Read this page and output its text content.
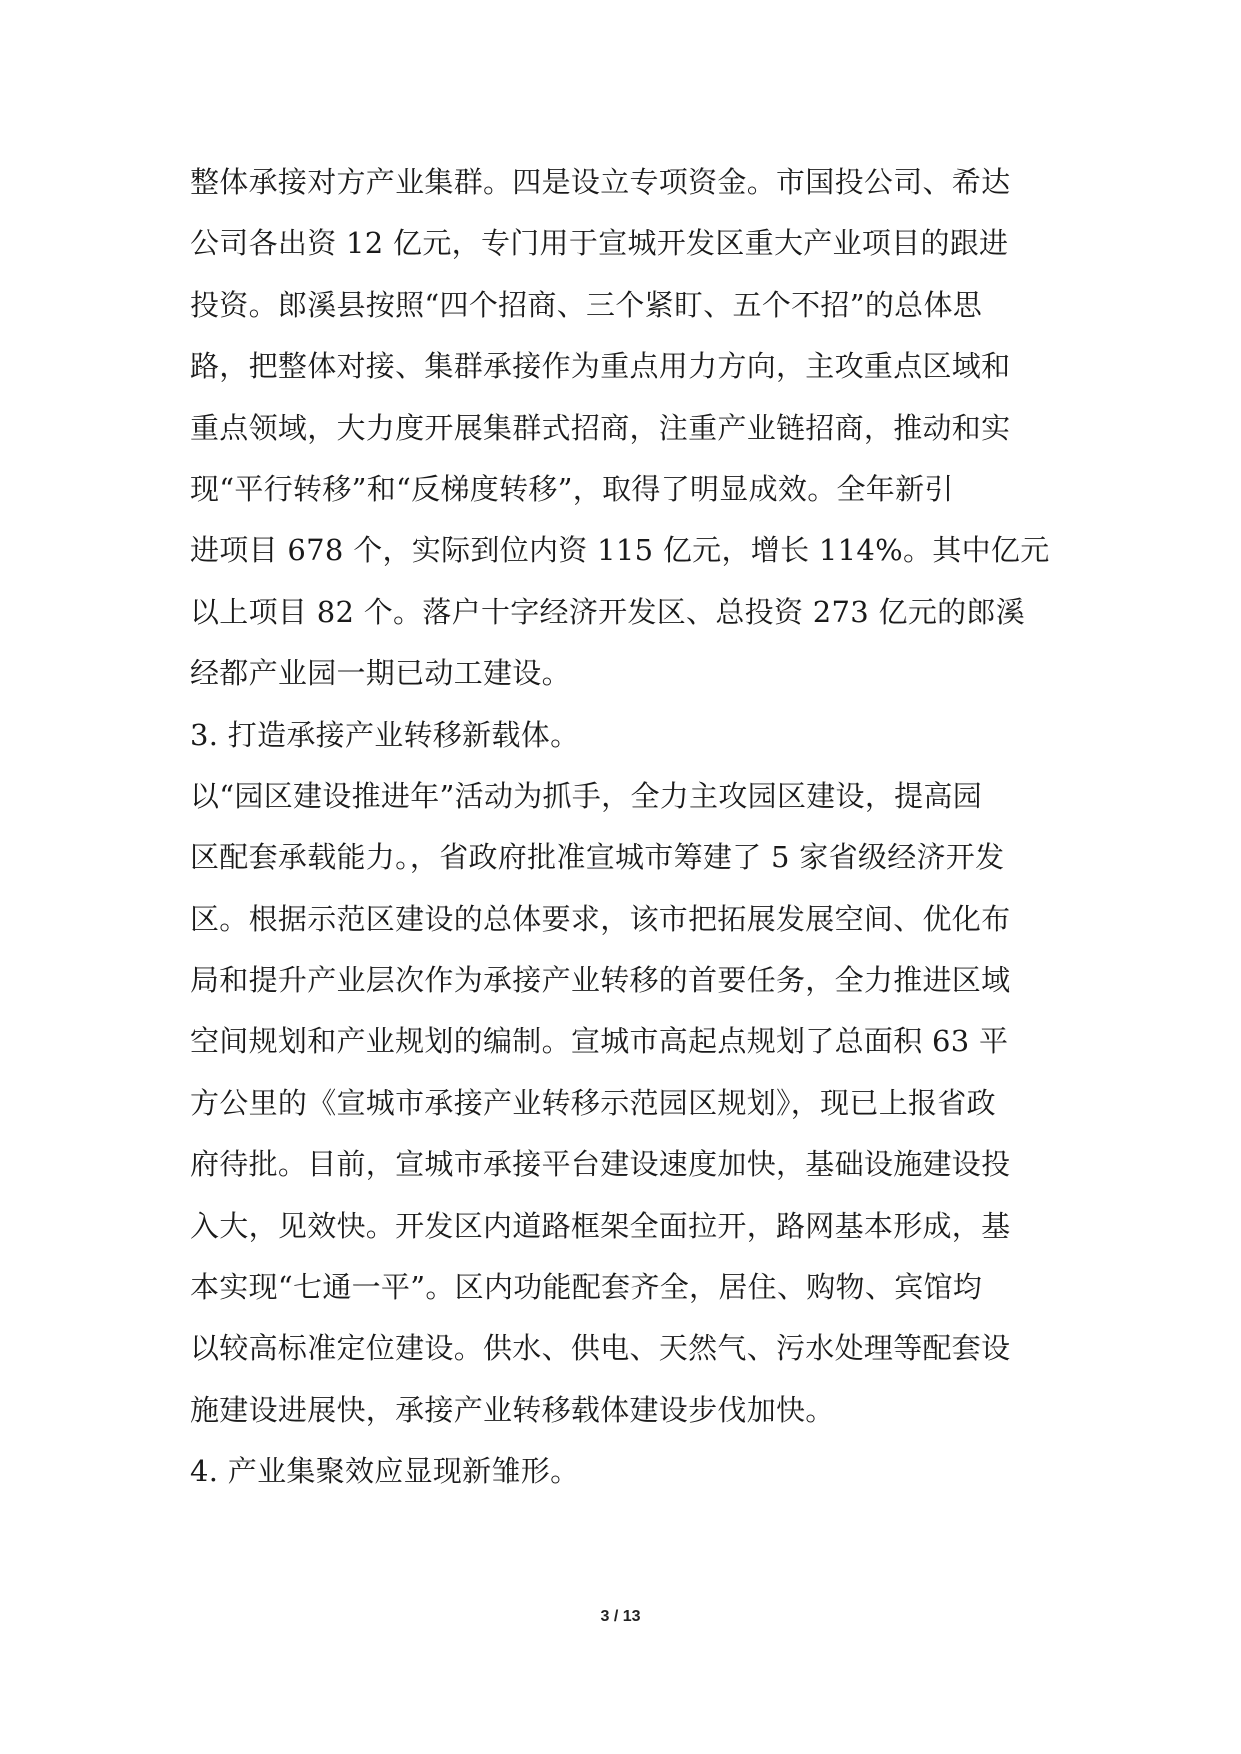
整体承接对方产业集群。四是设立专项资金。市国投公司、希达
公司各出资 12 亿元，专门用于宣城开发区重大产业项目的跟进
投资。郎溪县按照“四个招商、三个紧盯、五个不招”的总体思
路，把整体对接、集群承接作为重点用力方向，主攻重点区域和
重点领域，大力度开展集群式招商，注重产业链招商，推动和实
现“平行转移”和“反梯度转移”，取得了明显成效。全年新引
进项目 678 个，实际到位内资 115 亿元，增长 114%。其中亿元
以上项目 82 个。落户十字经济开发区、总投资 273 亿元的郎溪
经都产业园一期已动工建设。
3. 打造承接产业转移新载体。
以“园区建设推进年”活动为抓手，全力主攻园区建设，提高园
区配套承载能力。，省政府批准宣城市筹建了 5 家省级经济开发
区。根据示范区建设的总体要求，该市把拓展发展空间、优化布
局和提升产业层次作为承接产业转移的首要任务，全力推进区域
空间规划和产业规划的编制。宣城市高起点规划了总面积 63 平
方公里的《宣城市承接产业转移示范园区规划》，现已上报省政
府待批。目前，宣城市承接平台建设速度加快，基础设施建设投
入大，见效快。开发区内道路框架全面拉开，路网基本形成，基
本实现“七通一平”。区内功能配套齐全，居住、购物、宾馆均
以较高标准定位建设。供水、供电、天然气、污水处理等配套设
施建设进展快，承接产业转移载体建设步伐加快。
4. 产业集聚效应显现新雏形。
3 / 13
